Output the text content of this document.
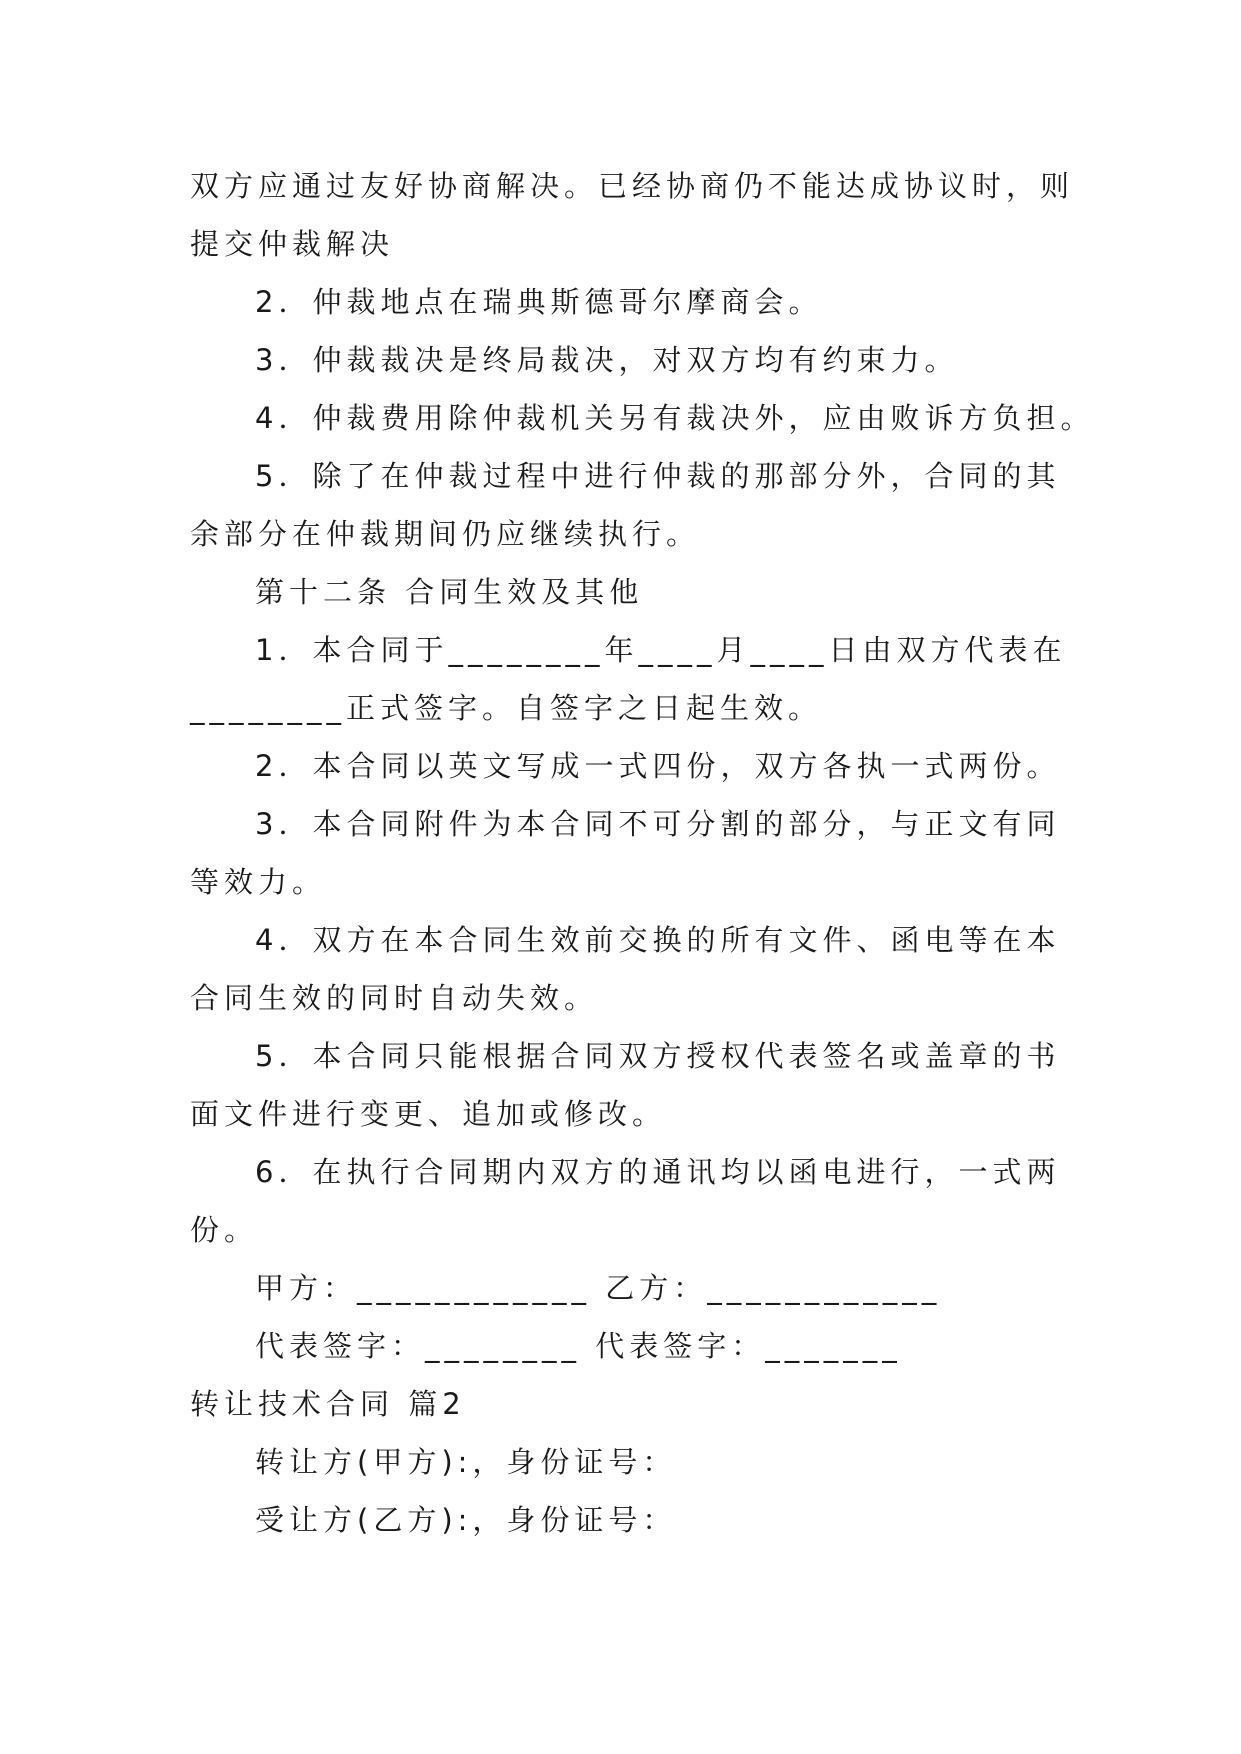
双方应通过友好协商解决。已经协商仍不能达成协议时，则
提交仲裁解决
2．仲裁地点在瑞典斯德哥尔摩商会。
3．仲裁裁决是终局裁决，对双方均有约束力。
4．仲裁费用除仲裁机关另有裁决外，应由败诉方负担。
5．除了在仲裁过程中进行仲裁的那部分外，合同的其
余部分在仲裁期间仍应继续执行。
第十二条 合同生效及其他
1．本合同于________年____月____日由双方代表在
________正式签字。自签字之日起生效。
2．本合同以英文写成一式四份，双方各执一式两份。
3．本合同附件为本合同不可分割的部分，与正文有同
等效力。
4．双方在本合同生效前交换的所有文件、函电等在本
合同生效的同时自动失效。
5．本合同只能根据合同双方授权代表签名或盖章的书
面文件进行变更、追加或修改。
6．在执行合同期内双方的通讯均以函电进行，一式两
份。
甲方：____________ 乙方：____________
代表签字：________ 代表签字：_______
转让技术合同 篇2
转让方(甲方):，身份证号：
受让方(乙方):，身份证号：
